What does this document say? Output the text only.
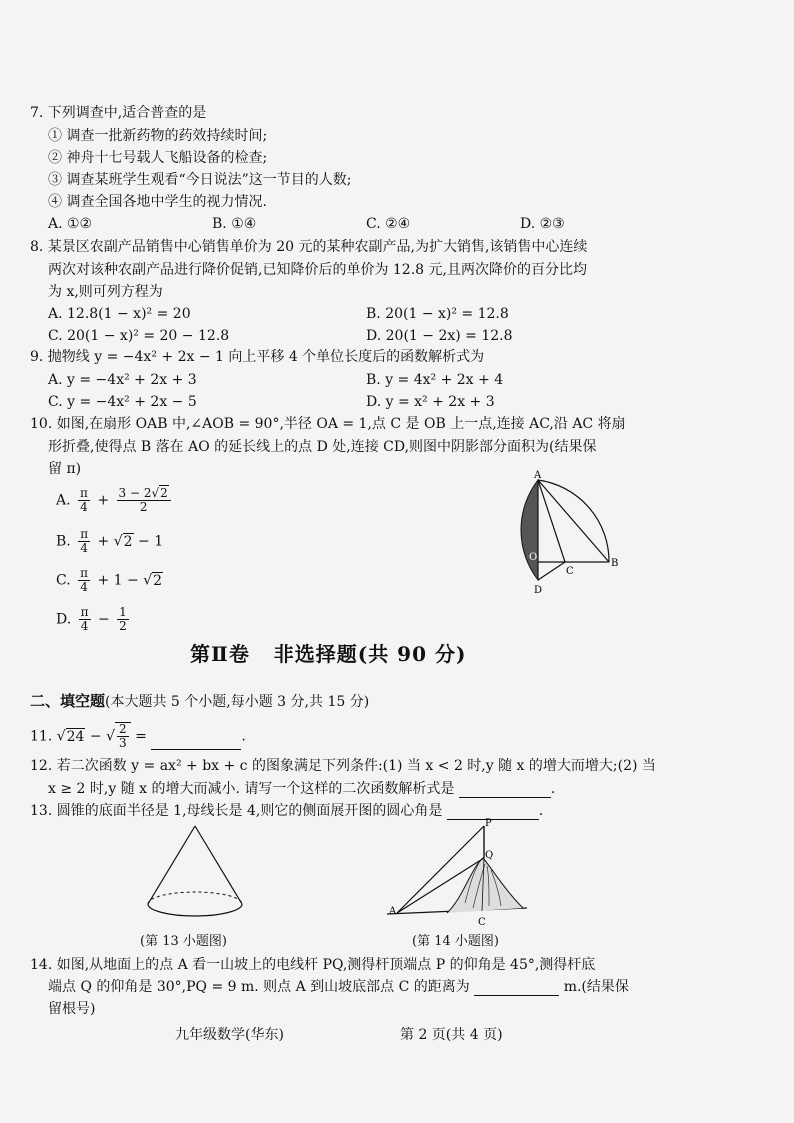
7. 下列调查中,适合普查的是
① 调查一批新药物的药效持续时间;
② 神舟十七号载人飞船设备的检查;
③ 调查某班学生观看“今日说法”这一节目的人数;
④ 调查全国各地中学生的视力情况.
A. ①②	B. ①④	C. ②④	D. ②③
8. 某景区农副产品销售中心销售单价为 20 元的某种农副产品,为扩大销售,该销售中心连续
两次对该种农副产品进行降价促销,已知降价后的单价为 12.8 元,且两次降价的百分比均
为 x,则可列方程为
A. 12.8(1 − x)² = 20	B. 20(1 − x)² = 12.8
C. 20(1 − x)² = 20 − 12.8	D. 20(1 − 2x) = 12.8
9. 抛物线 y = −4x² + 2x − 1 向上平移 4 个单位长度后的函数解析式为
A. y = −4x² + 2x + 3	B. y = 4x² + 2x + 4
C. y = −4x² + 2x − 5	D. y = x² + 2x + 3
10. 如图,在扇形 OAB 中,∠AOB = 90°,半径 OA = 1,点 C 是 OB 上一点,连接 AC,沿 AC 将扇
形折叠,使得点 B 落在 AO 的延长线上的点 D 处,连接 CD,则图中阴影部分面积为(结果保
留 π)
A. $\frac{\pi}{4} + \frac{3 - 2√2}{2}$
B. $\frac{\pi}{4} + √2 - 1$
C. $\frac{\pi}{4} + 1 - √2$
D. $\frac{\pi}{4} - \frac{1}{2}$
A
O
C
B
D
第Ⅱ卷 非选择题(共 90 分)
二、填空题(本大题共 5 个小题,每小题 3 分,共 15 分)
11. √24 − √ $\frac{2}{3}$ =	.
12. 若二次函数 y = ax² + bx + c 的图象满足下列条件:(1) 当 x < 2 时,y 随 x 的增大而增大;(2) 当
x ≥ 2 时,y 随 x 的增大而减小. 请写一个这样的二次函数解析式是	.
13. 圆锥的底面半径是 1,母线长是 4,则它的侧面展开图的圆心角是	.
(第 13 小题图)
P
Q
A
C
(第 14 小题图)
14. 如图,从地面上的点 A 看一山坡上的电线杆 PQ,测得杆顶端点 P 的仰角是 45°,测得杆底
端点 Q 的仰角是 30°,PQ = 9 m. 则点 A 到山坡底部点 C 的距离为	m.(结果保
留根号)
九年级数学(华东)	第 2 页(共 4 页)
